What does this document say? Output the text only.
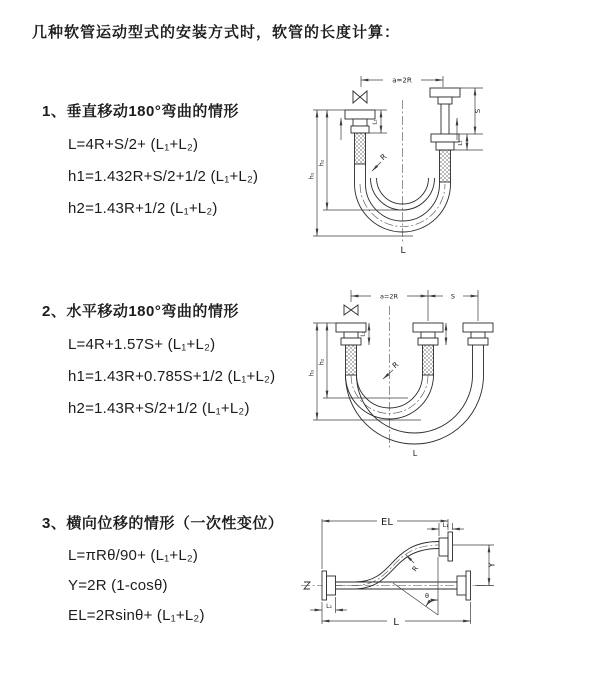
几种软管运动型式的安装方式时，软管的长度计算：
1、垂直移动180°弯曲的情形
L=4R+S/2+ (L₁+L₂)
h1=1.432R+S/2+1/2 (L₁+L₂)
h2=1.43R+1/2 (L₁+L₂)
a=2R
h₁
h₂
S
L₁
L₁
R
L
2、水平移动180°弯曲的情形
L=4R+1.57S+ (L₁+L₂)
h1=1.43R+0.785S+1/2 (L₁+L₂)
h2=1.43R+S/2+1/2 (L₁+L₂)
a=2R	S
L₁
h₁
h₂	R
L
3、横向位移的情形（一次性变位）
L=πRθ/90+ (L₁+L₂)
Y=2R (1-cosθ)
EL=2Rsinθ+ (L₁+L₂)
EL	L₁
Y
θ
R
L
L₂
